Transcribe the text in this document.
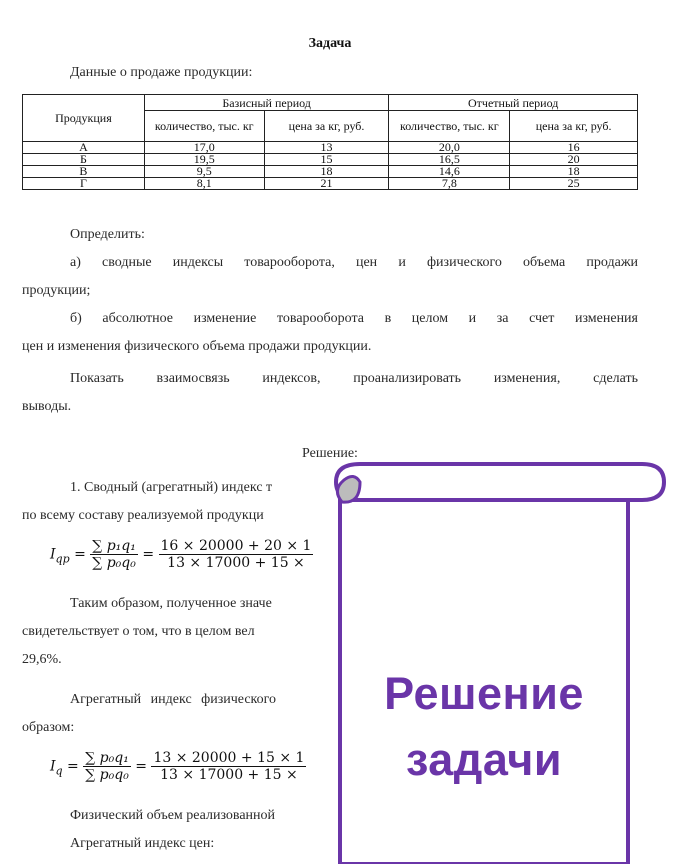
Задача
Данные о продаже продукции:
Продукция	Базисный период		Отчетный период	
	количество, тыс. кг	цена за кг, руб.	количество, тыс. кг	цена за кг, руб.
А	17,0	13	20,0	16
Б	19,5	15	16,5	20
В	9,5	18	14,6	18
Г	8,1	21	7,8	25
Определить:
а) сводные индексы товарооборота, цен и физического объема продажи
продукции;
б) абсолютное изменение товарооборота в целом и за счет изменения
цен и изменения физического объема продажи продукции.
Показать взаимосвязь индексов, проанализировать изменения, сделать
выводы.
Решение:
1. Сводный (агрегатный) индекс т
по всему составу реализуемой продукци
$I_{qp} = \frac{\text{∑ p₁q₁}}{\text{∑ p₀q₀}} = \frac{16 \times 20000 + 20 \times 1}{13 \times 17000 + 15 \times}$
Таким образом, полученное значе
свидетельствует о том, что в целом вел
29,6%.
Агрегатный индекс физического
образом:
$I_q = \frac{\text{∑ p₀q₁}}{\text{∑ p₀q₀}} = \frac{13 \times 20000 + 15 \times 1}{13 \times 17000 + 15 \times}$
Физический объем реализованной
Агрегатный индекс цен:
Решение
задачи
